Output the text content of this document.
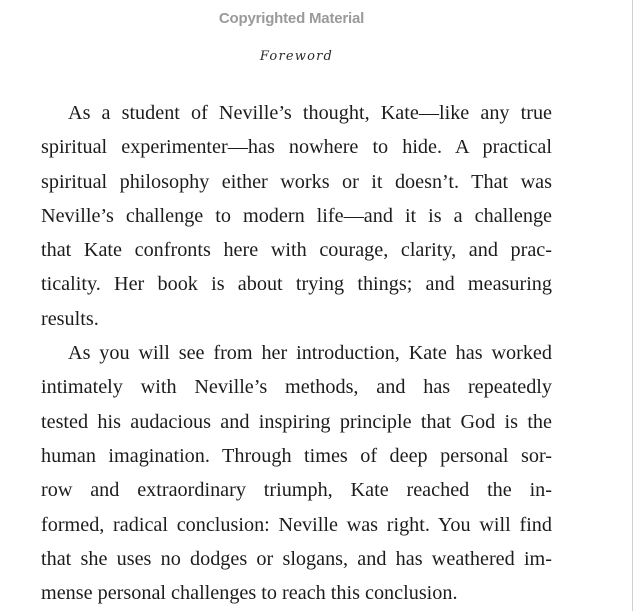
Copyrighted Material
Foreword
As a student of Neville’s thought, Kate—like any true
spiritual experimenter—has nowhere to hide. A practical
spiritual philosophy either works or it doesn’t. That was
Neville’s challenge to modern life—and it is a challenge
that Kate confronts here with courage, clarity, and prac-
ticality. Her book is about trying things; and measuring
results.
As you will see from her introduction, Kate has worked
intimately with Neville’s methods, and has repeatedly
tested his audacious and inspiring principle that God is the
human imagination. Through times of deep personal sor-
row and extraordinary triumph, Kate reached the in-
formed, radical conclusion: Neville was right. You will find
that she uses no dodges or slogans, and has weathered im-
mense personal challenges to reach this conclusion.
